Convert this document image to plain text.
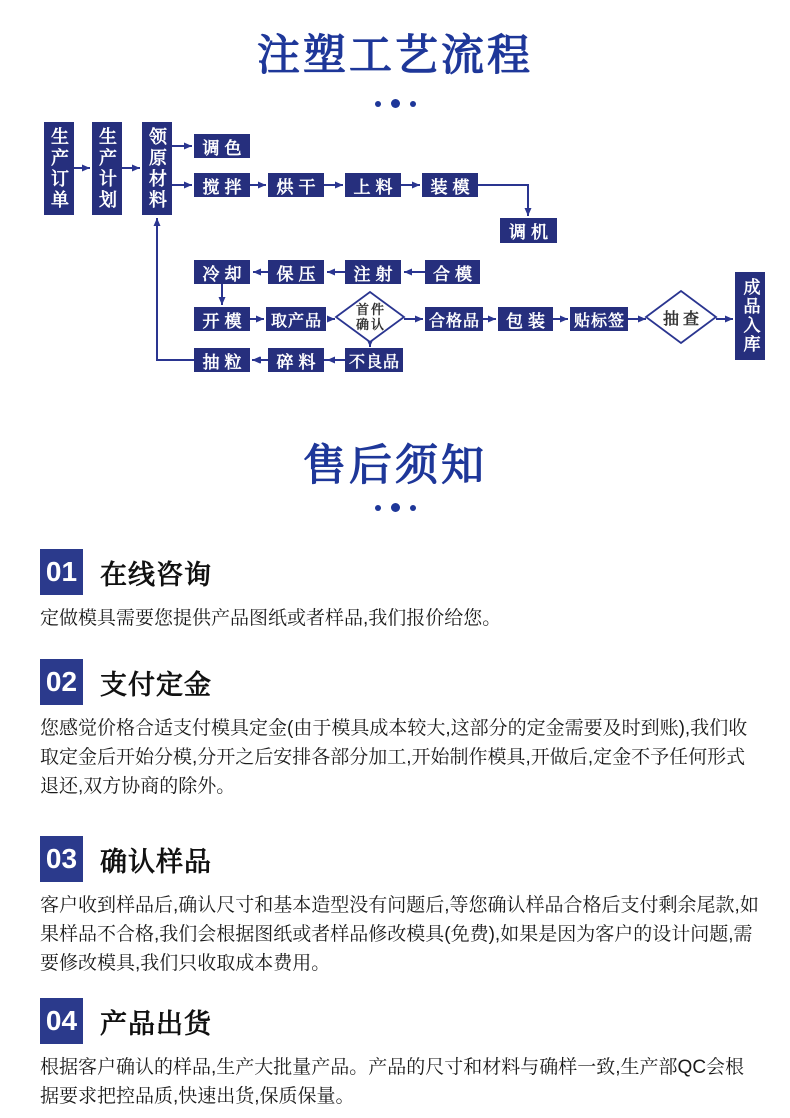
注塑工艺流程
生产订单 生产计划 领原材料 调色
搅拌 烘干 上料 装模
调机
冷却 保压 注射 合模
开模 取产品	合格品 包装 贴标签	成品入库
抽粒 碎料 不良品
首件
确认	抽查
售后须知
01 在线咨询
定做模具需要您提供产品图纸或者样品,我们报价给您。
02 支付定金
您感觉价格合适支付模具定金(由于模具成本较大,这部分的定金需要及时到账),我们收取定金后开始分模,分开之后安排各部分加工,开始制作模具,开做后,定金不予任何形式退还,双方协商的除外。
03 确认样品
客户收到样品后,确认尺寸和基本造型没有问题后,等您确认样品合格后支付剩余尾款,如果样品不合格,我们会根据图纸或者样品修改模具(免费),如果是因为客户的设计问题,需要修改模具,我们只收取成本费用。
04 产品出货
根据客户确认的样品,生产大批量产品。产品的尺寸和材料与确样一致,生产部QC会根据要求把控品质,快速出货,保质保量。
